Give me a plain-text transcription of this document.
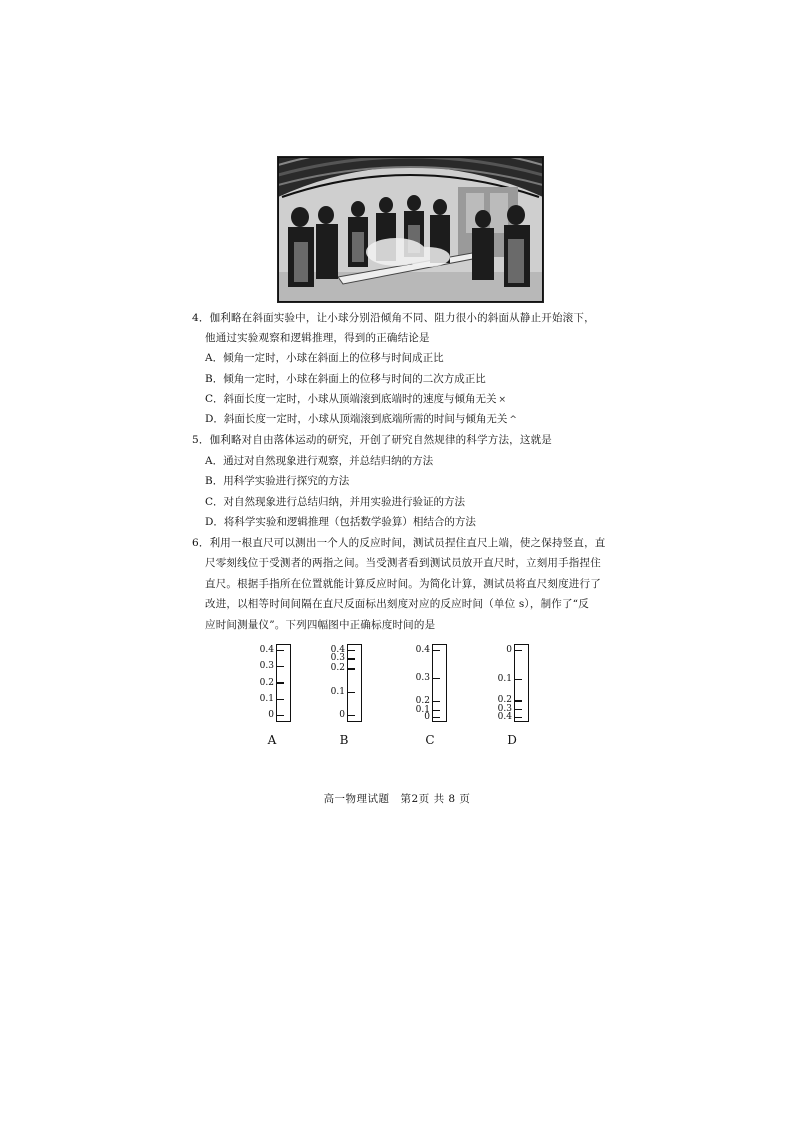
4．伽利略在斜面实验中，让小球分别沿倾角不同、阻力很小的斜面从静止开始滚下，
他通过实验观察和逻辑推理，得到的正确结论是
A．倾角一定时，小球在斜面上的位移与时间成正比
B．倾角一定时，小球在斜面上的位移与时间的二次方成正比
C．斜面长度一定时，小球从顶端滚到底端时的速度与倾角无关 ×
D．斜面长度一定时，小球从顶端滚到底端所需的时间与倾角无关 ^
5．伽利略对自由落体运动的研究，开创了研究自然规律的科学方法，这就是
A．通过对自然现象进行观察，并总结归纳的方法
B．用科学实验进行探究的方法
C．对自然现象进行总结归纳，并用实验进行验证的方法
D．将科学实验和逻辑推理（包括数学验算）相结合的方法
6．利用一根直尺可以测出一个人的反应时间，测试员捏住直尺上端，使之保持竖直，直
尺零刻线位于受测者的两指之间。当受测者看到测试员放开直尺时，立刻用手指捏住
直尺。根据手指所在位置就能计算反应时间。为简化计算，测试员将直尺刻度进行了
改进，以相等时间间隔在直尺反面标出刻度对应的反应时间（单位 s），制作了“反
应时间测量仪”。下列四幅图中正确标度时间的是
0.4
0.3
0.2
0.1
0
A
0.4
0.3
0.2
0.1
0
B
0.4
0.3
0.2
0.1
0
C
0
0.1
0.2
0.3
0.4
D
高一物理试题　第2页 共 8 页
